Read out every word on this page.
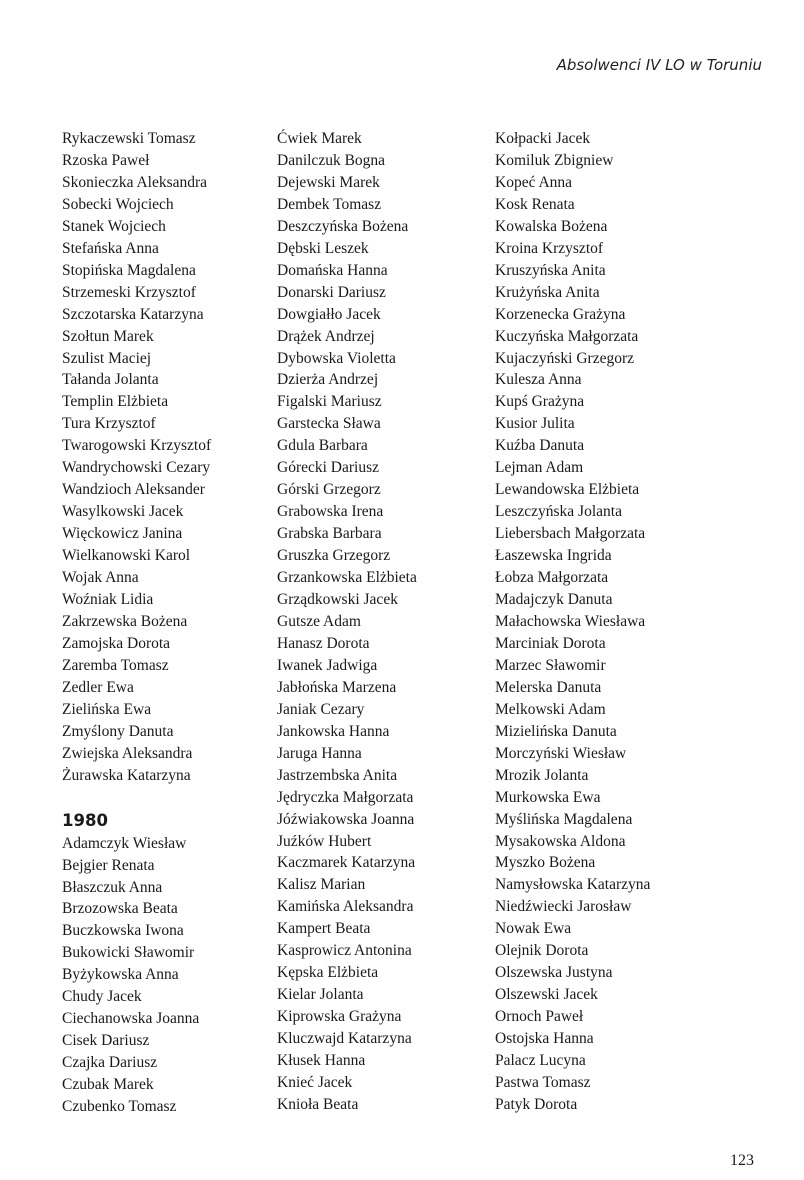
Absolwenci IV LO w Toruniu
Rykaczewski Tomasz
Rzoska Paweł
Skonieczka Aleksandra
Sobecki Wojciech
Stanek Wojciech
Stefańska Anna
Stopińska Magdalena
Strzemeski Krzysztof
Szczotarska Katarzyna
Szołtun Marek
Szulist Maciej
Tałanda Jolanta
Templin Elżbieta
Tura Krzysztof
Twarogowski Krzysztof
Wandrychowski Cezary
Wandzioch Aleksander
Wasylkowski Jacek
Więckowicz Janina
Wielkanowski Karol
Wojak Anna
Woźniak Lidia
Zakrzewska Bożena
Zamojska Dorota
Zaremba Tomasz
Zedler Ewa
Zielińska Ewa
Zmyślony Danuta
Zwiejska Aleksandra
Żurawska Katarzyna
1980
Adamczyk Wiesław
Bejgier Renata
Błaszczuk Anna
Brzozowska Beata
Buczkowska Iwona
Bukowicki Sławomir
Byżykowska Anna
Chudy Jacek
Ciechanowska Joanna
Cisek Dariusz
Czajka Dariusz
Czubak Marek
Czubenko Tomasz
Ćwiek Marek
Danilczuk Bogna
Dejewski Marek
Dembek Tomasz
Deszczyńska Bożena
Dębski Leszek
Domańska Hanna
Donarski Dariusz
Dowgiałło Jacek
Drążek Andrzej
Dybowska Violetta
Dzierża Andrzej
Figalski Mariusz
Garstecka Sława
Gdula Barbara
Górecki Dariusz
Górski Grzegorz
Grabowska Irena
Grabska Barbara
Gruszka Grzegorz
Grzankowska Elżbieta
Grządkowski Jacek
Gutsze Adam
Hanasz Dorota
Iwanek Jadwiga
Jabłońska Marzena
Janiak Cezary
Jankowska Hanna
Jaruga Hanna
Jastrzembska Anita
Jędryczka Małgorzata
Jóźwiakowska Joanna
Juźków Hubert
Kaczmarek Katarzyna
Kalisz Marian
Kamińska Aleksandra
Kampert Beata
Kasprowicz Antonina
Kępska Elżbieta
Kielar Jolanta
Kiprowska Grażyna
Kluczwajd Katarzyna
Kłusek Hanna
Knieć Jacek
Knioła Beata
Kołpacki Jacek
Komiluk Zbigniew
Kopeć Anna
Kosk Renata
Kowalska Bożena
Kroina Krzysztof
Kruszyńska Anita
Krużyńska Anita
Korzenecka Grażyna
Kuczyńska Małgorzata
Kujaczyński Grzegorz
Kulesza Anna
Kupś Grażyna
Kusior Julita
Kuźba Danuta
Lejman Adam
Lewandowska Elżbieta
Leszczyńska Jolanta
Liebersbach Małgorzata
Łaszewska Ingrida
Łobza Małgorzata
Madajczyk Danuta
Małachowska Wiesława
Marciniak Dorota
Marzec Sławomir
Melerska Danuta
Melkowski Adam
Mizielińska Danuta
Morczyński Wiesław
Mrozik Jolanta
Murkowska Ewa
Myślińska Magdalena
Mysakowska Aldona
Myszko Bożena
Namysłowska Katarzyna
Niedźwiecki Jarosław
Nowak Ewa
Olejnik Dorota
Olszewska Justyna
Olszewski Jacek
Ornoch Paweł
Ostojska Hanna
Palacz Lucyna
Pastwa Tomasz
Patyk Dorota
123
